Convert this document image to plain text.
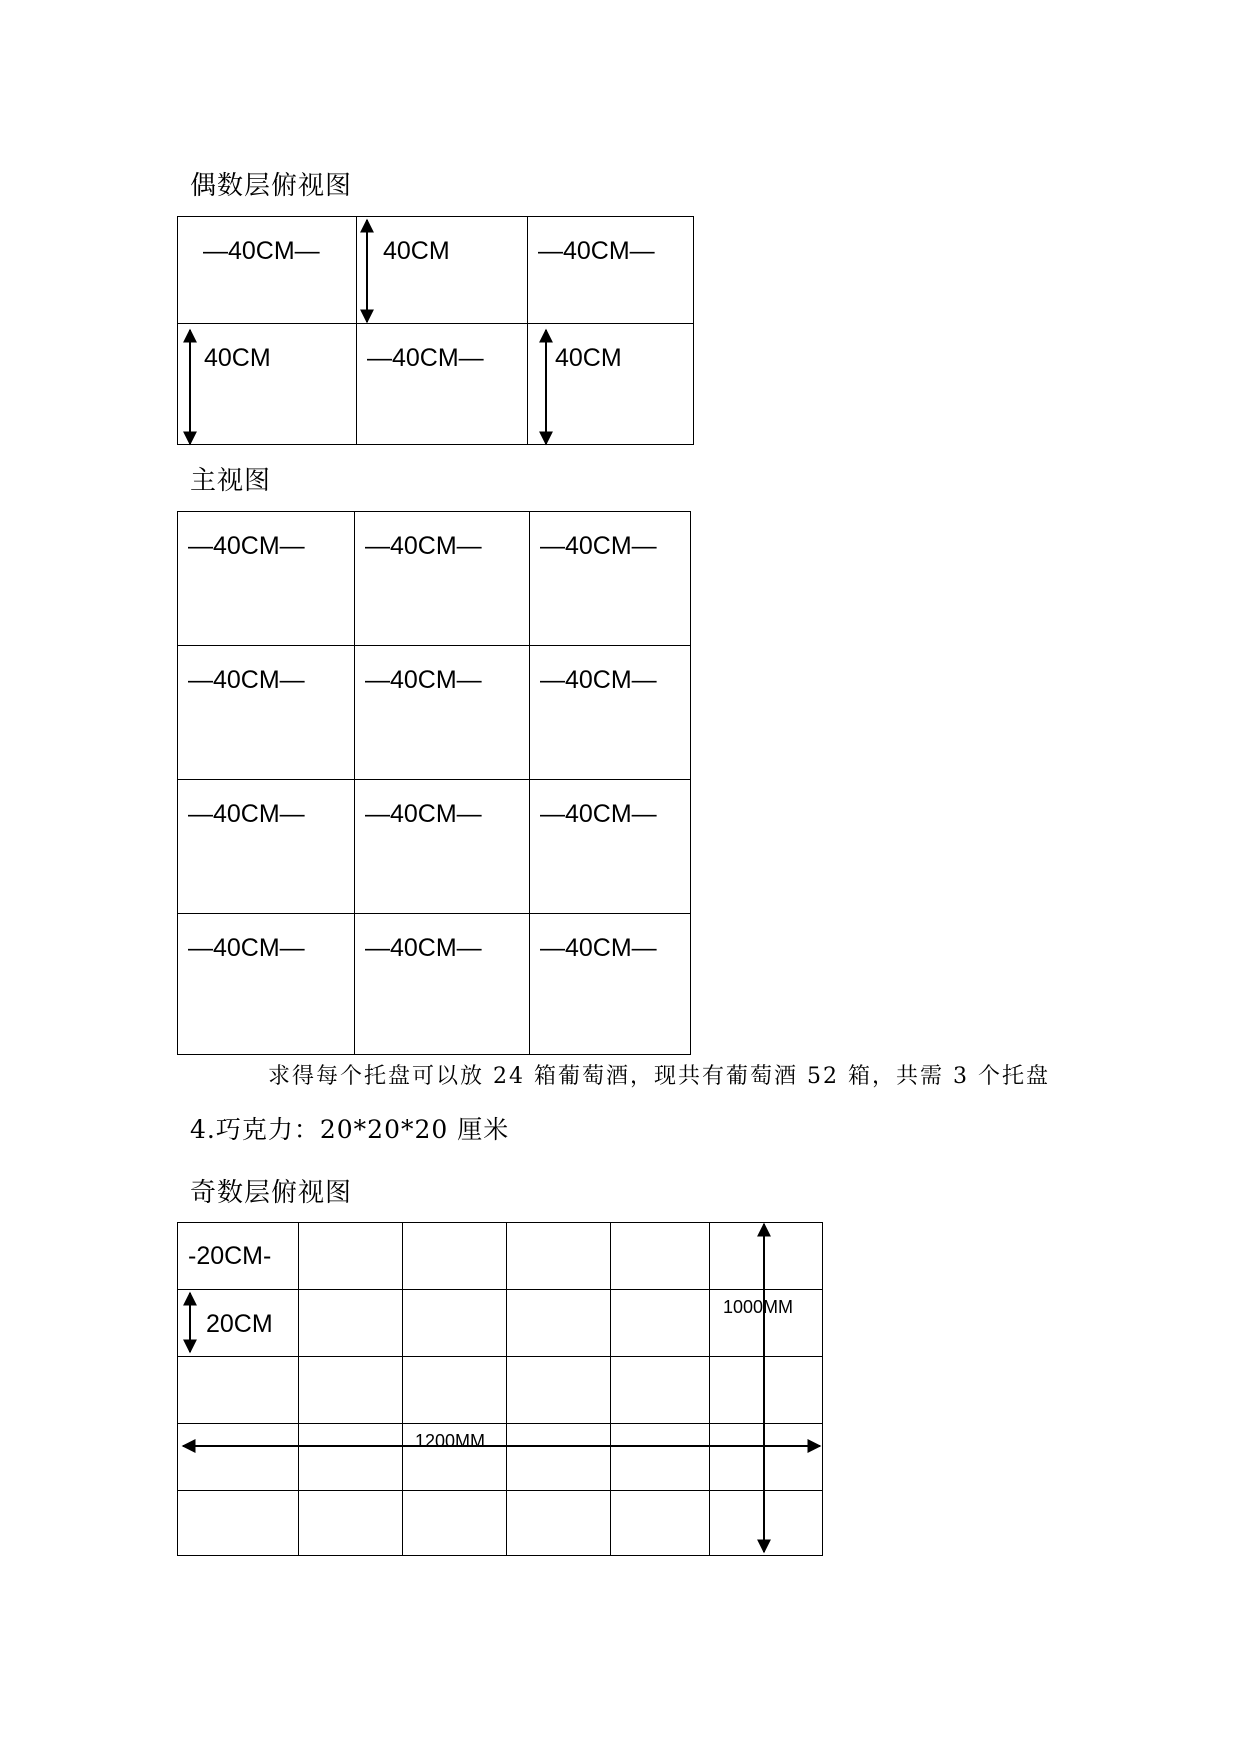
偶数层俯视图
—40CM—	40CM	—40CM—

40CM	—40CM—	40CM
主视图
—40CM—	—40CM—	—40CM—

—40CM—	—40CM—	—40CM—

—40CM—	—40CM—	—40CM—

—40CM—	—40CM—	—40CM—
求得每个托盘可以放 24 箱葡萄酒，现共有葡萄酒 52 箱，共需 3 个托盘
4.巧克力：20*20*20 厘米
奇数层俯视图
-20CM-					

20CM					

1000MM
1200MM
